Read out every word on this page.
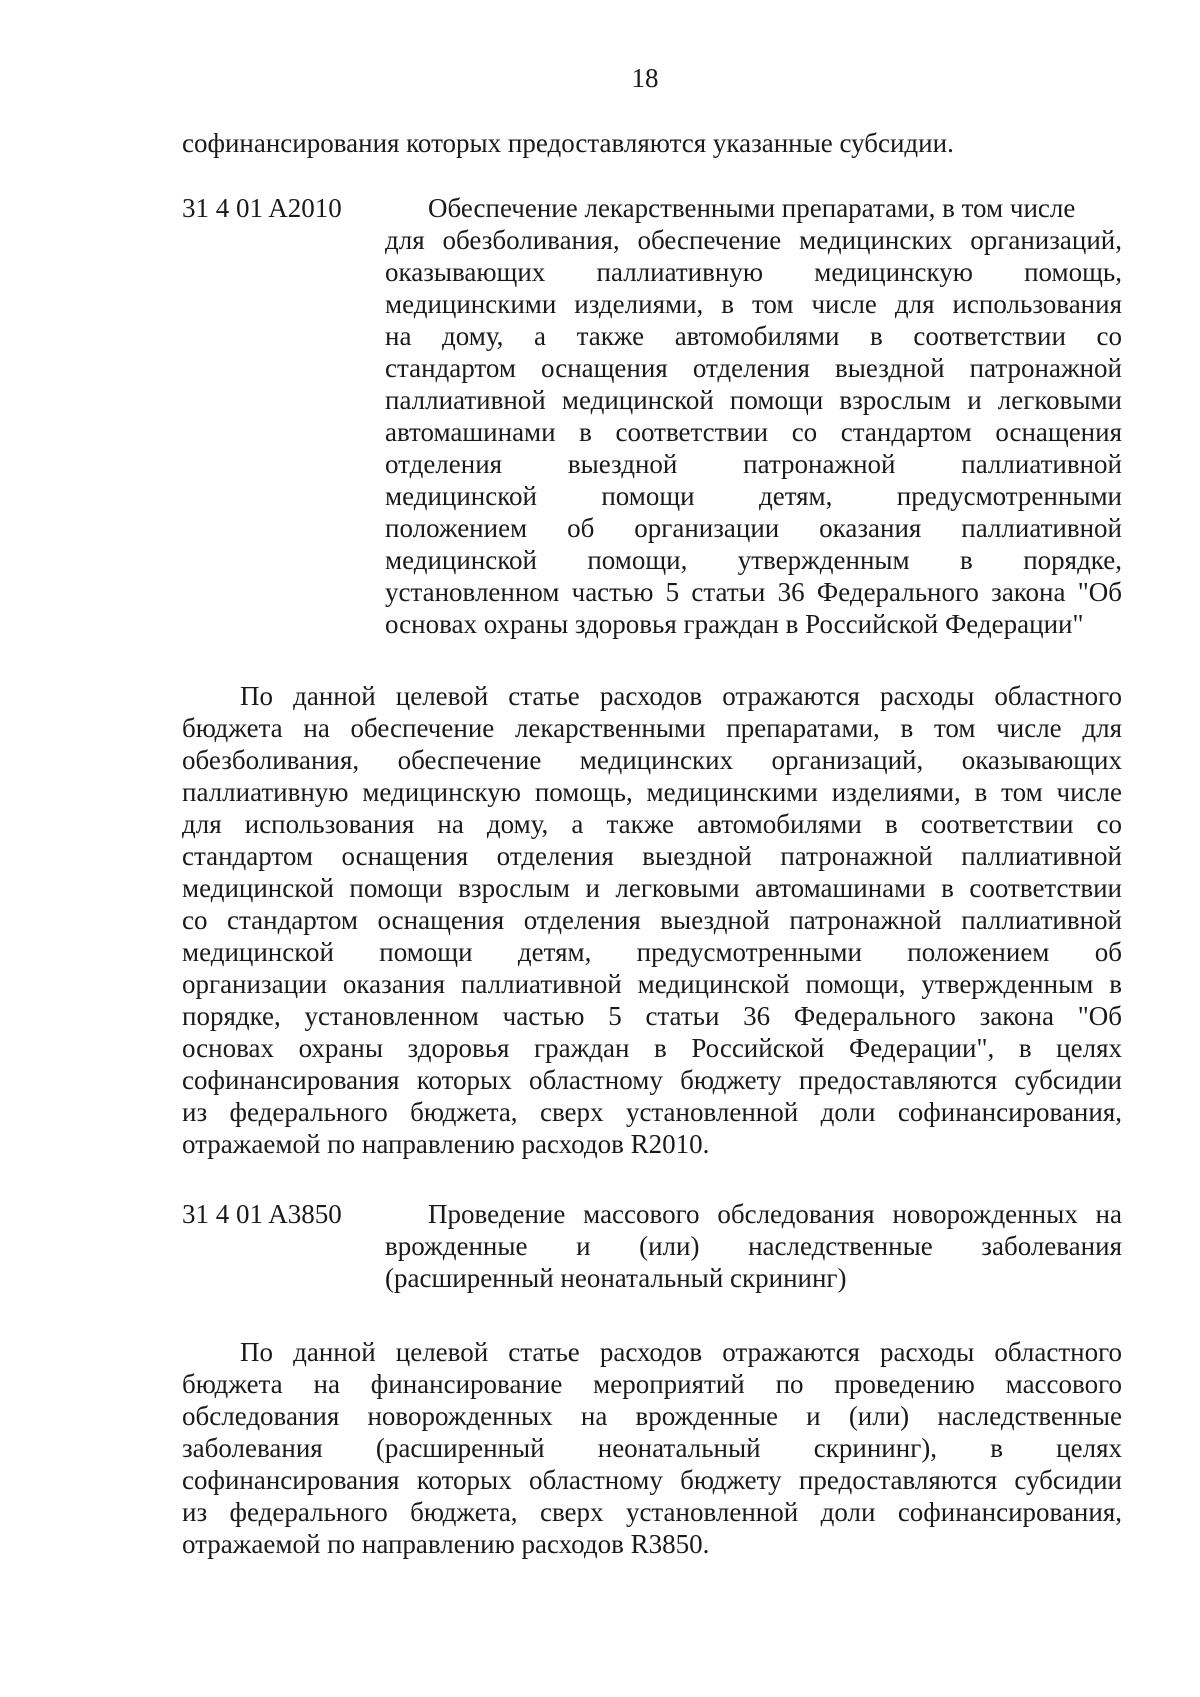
18
софинансирования которых предоставляются указанные субсидии.
31 4 01 A2010	Обеспечение лекарственными препаратами, в том числе
для обезболивания, обеспечение медицинских организаций,
оказывающих паллиативную медицинскую помощь,
медицинскими изделиями, в том числе для использования
на дому, а также автомобилями в соответствии со
стандартом оснащения отделения выездной патронажной
паллиативной медицинской помощи взрослым и легковыми
автомашинами в соответствии со стандартом оснащения
отделения выездной патронажной паллиативной
медицинской помощи детям, предусмотренными
положением об организации оказания паллиативной
медицинской помощи, утвержденным в порядке,
установленном частью 5 статьи 36 Федерального закона "Об
основах охраны здоровья граждан в Российской Федерации"
По данной целевой статье расходов отражаются расходы областного
бюджета на обеспечение лекарственными препаратами, в том числе для
обезболивания, обеспечение медицинских организаций, оказывающих
паллиативную медицинскую помощь, медицинскими изделиями, в том числе
для использования на дому, а также автомобилями в соответствии со
стандартом оснащения отделения выездной патронажной паллиативной
медицинской помощи взрослым и легковыми автомашинами в соответствии
со стандартом оснащения отделения выездной патронажной паллиативной
медицинской помощи детям, предусмотренными положением об
организации оказания паллиативной медицинской помощи, утвержденным в
порядке, установленном частью 5 статьи 36 Федерального закона "Об
основах охраны здоровья граждан в Российской Федерации", в целях
софинансирования которых областному бюджету предоставляются субсидии
из федерального бюджета, сверх установленной доли софинансирования,
отражаемой по направлению расходов R2010.
31 4 01 A3850	Проведение массового обследования новорожденных на
врожденные и (или) наследственные заболевания
(расширенный неонатальный скрининг)
По данной целевой статье расходов отражаются расходы областного
бюджета на финансирование мероприятий по проведению массового
обследования новорожденных на врожденные и (или) наследственные
заболевания (расширенный неонатальный скрининг), в целях
софинансирования которых областному бюджету предоставляются субсидии
из федерального бюджета, сверх установленной доли софинансирования,
отражаемой по направлению расходов R3850.
